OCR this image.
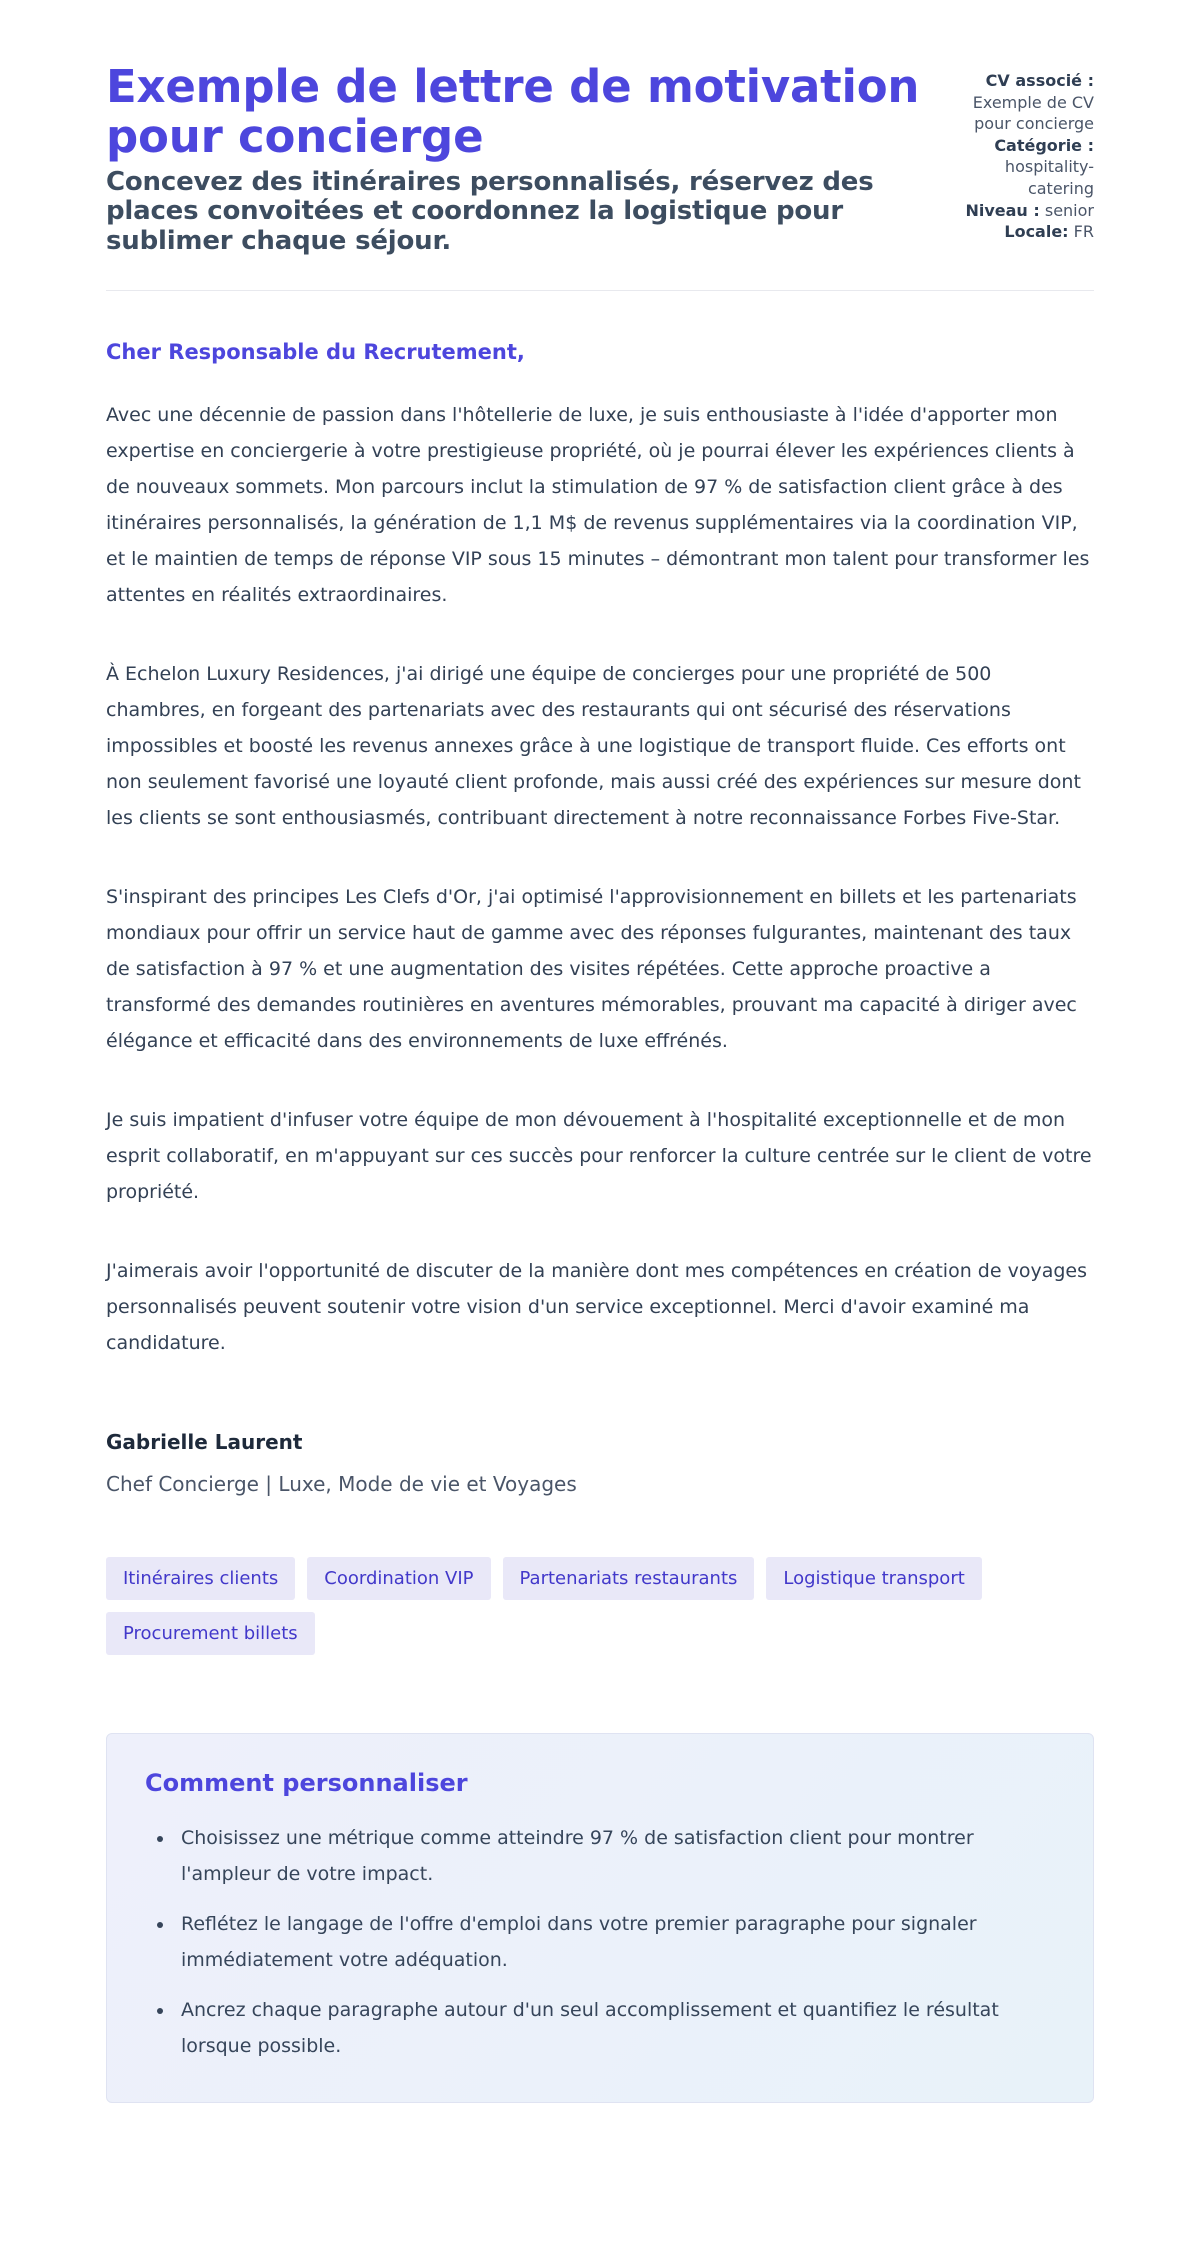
Exemple de lettre de motivation pour concierge

Concevez des itinéraires personnalisés, réservez des places convoitées et coordonnez la logistique pour sublimer chaque séjour.

CV associé : Exemple de CV pour concierge
Catégorie : hospitality-catering
Niveau : senior
Locale: FR

Cher Responsable du Recrutement,

Avec une décennie de passion dans l'hôtellerie de luxe, je suis enthousiaste à l'idée d'apporter mon expertise en conciergerie à votre prestigieuse propriété, où je pourrai élever les expériences clients à de nouveaux sommets. Mon parcours inclut la stimulation de 97 % de satisfaction client grâce à des itinéraires personnalisés, la génération de 1,1 M$ de revenus supplémentaires via la coordination VIP, et le maintien de temps de réponse VIP sous 15 minutes – démontrant mon talent pour transformer les attentes en réalités extraordinaires.

À Echelon Luxury Residences, j'ai dirigé une équipe de concierges pour une propriété de 500 chambres, en forgeant des partenariats avec des restaurants qui ont sécurisé des réservations impossibles et boosté les revenus annexes grâce à une logistique de transport fluide. Ces efforts ont non seulement favorisé une loyauté client profonde, mais aussi créé des expériences sur mesure dont les clients se sont enthousiasmés, contribuant directement à notre reconnaissance Forbes Five-Star.

S'inspirant des principes Les Clefs d'Or, j'ai optimisé l'approvisionnement en billets et les partenariats mondiaux pour offrir un service haut de gamme avec des réponses fulgurantes, maintenant des taux de satisfaction à 97 % et une augmentation des visites répétées. Cette approche proactive a transformé des demandes routinières en aventures mémorables, prouvant ma capacité à diriger avec élégance et efficacité dans des environnements de luxe effrénés.

Je suis impatient d'infuser votre équipe de mon dévouement à l'hospitalité exceptionnelle et de mon esprit collaboratif, en m'appuyant sur ces succès pour renforcer la culture centrée sur le client de votre propriété.

J'aimerais avoir l'opportunité de discuter de la manière dont mes compétences en création de voyages personnalisés peuvent soutenir votre vision d'un service exceptionnel. Merci d'avoir examiné ma candidature.

Gabrielle Laurent

Chef Concierge | Luxe, Mode de vie et Voyages

Itinéraires clients	Coordination VIP	Partenariats restaurants	Logistique transport
Procurement billets
Comment personnaliser
• Choisissez une métrique comme atteindre 97 % de satisfaction client pour montrer l'ampleur de votre impact.
• Reflétez le langage de l'offre d'emploi dans votre premier paragraphe pour signaler immédiatement votre adéquation.
• Ancrez chaque paragraphe autour d'un seul accomplissement et quantifiez le résultat lorsque possible.
